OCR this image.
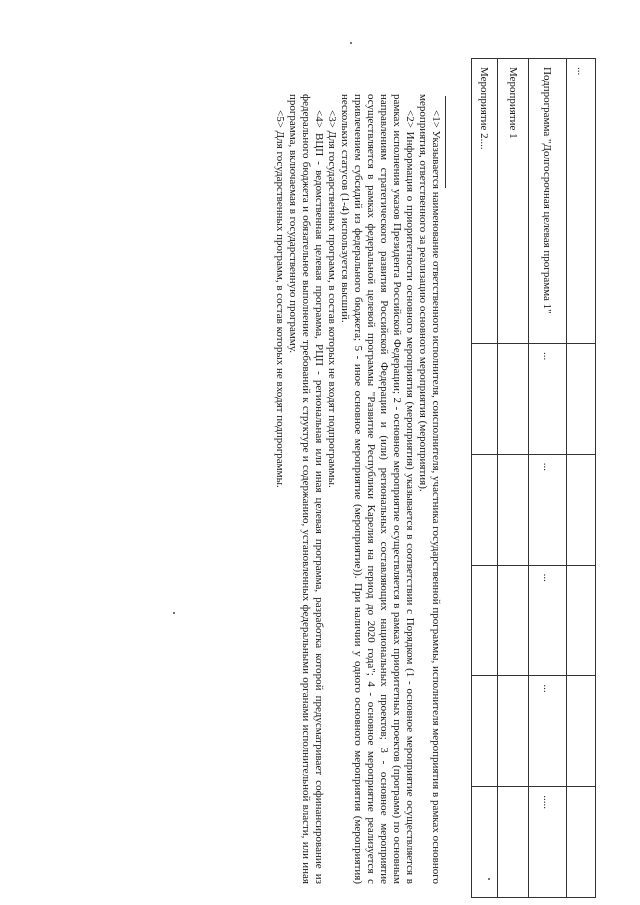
...					
Подпрограмма "Долгосрочная целевая программа 1"	...	...	...	...	.....
Мероприятие 1					
Мероприятие 2....					

<1> Указывается наименование ответственного исполнителя, соисполнителя, участника государственной программы, исполнителя мероприятия в рамках основного мероприятия, ответственного за реализацию основного мероприятия (мероприятия).

<2> Информация о приоритетности основного мероприятия (мероприятия) указывается в соответствии с Порядком (1 - основное мероприятие осуществляется в рамках исполнения указов Президента Российской Федерации; 2 - основное мероприятие осуществляется в рамках приоритетных проектов (программ) по основным направлениям стратегического развития Российской Федерации и (или) региональных составляющих национальных проектов; 3 - основное мероприятие осуществляется в рамках федеральной целевой программы "Развитие Республики Карелия на период до 2020 года"; 4 - основное мероприятие реализуется с привлечением субсидий из федерального бюджета; 5 - иное основное мероприятие (мероприятие)). При наличии у одного основного мероприятия (мероприятия) нескольких статусов (1-4) используется высший.

<3> Для государственных программ, в состав которых не входят подпрограммы.

<4> ВЦП - ведомственная целевая программа, РЦП - региональная или иная целевая программа, разработка которой предусматривает софинансирование из федерального бюджета и обязательное выполнение требований к структуре и содержанию, установленных федеральными органами исполнительной власти, или иная программа, включаемая в государственную программу.

<5> Для государственных программ, в состав которых не входят подпрограммы.
